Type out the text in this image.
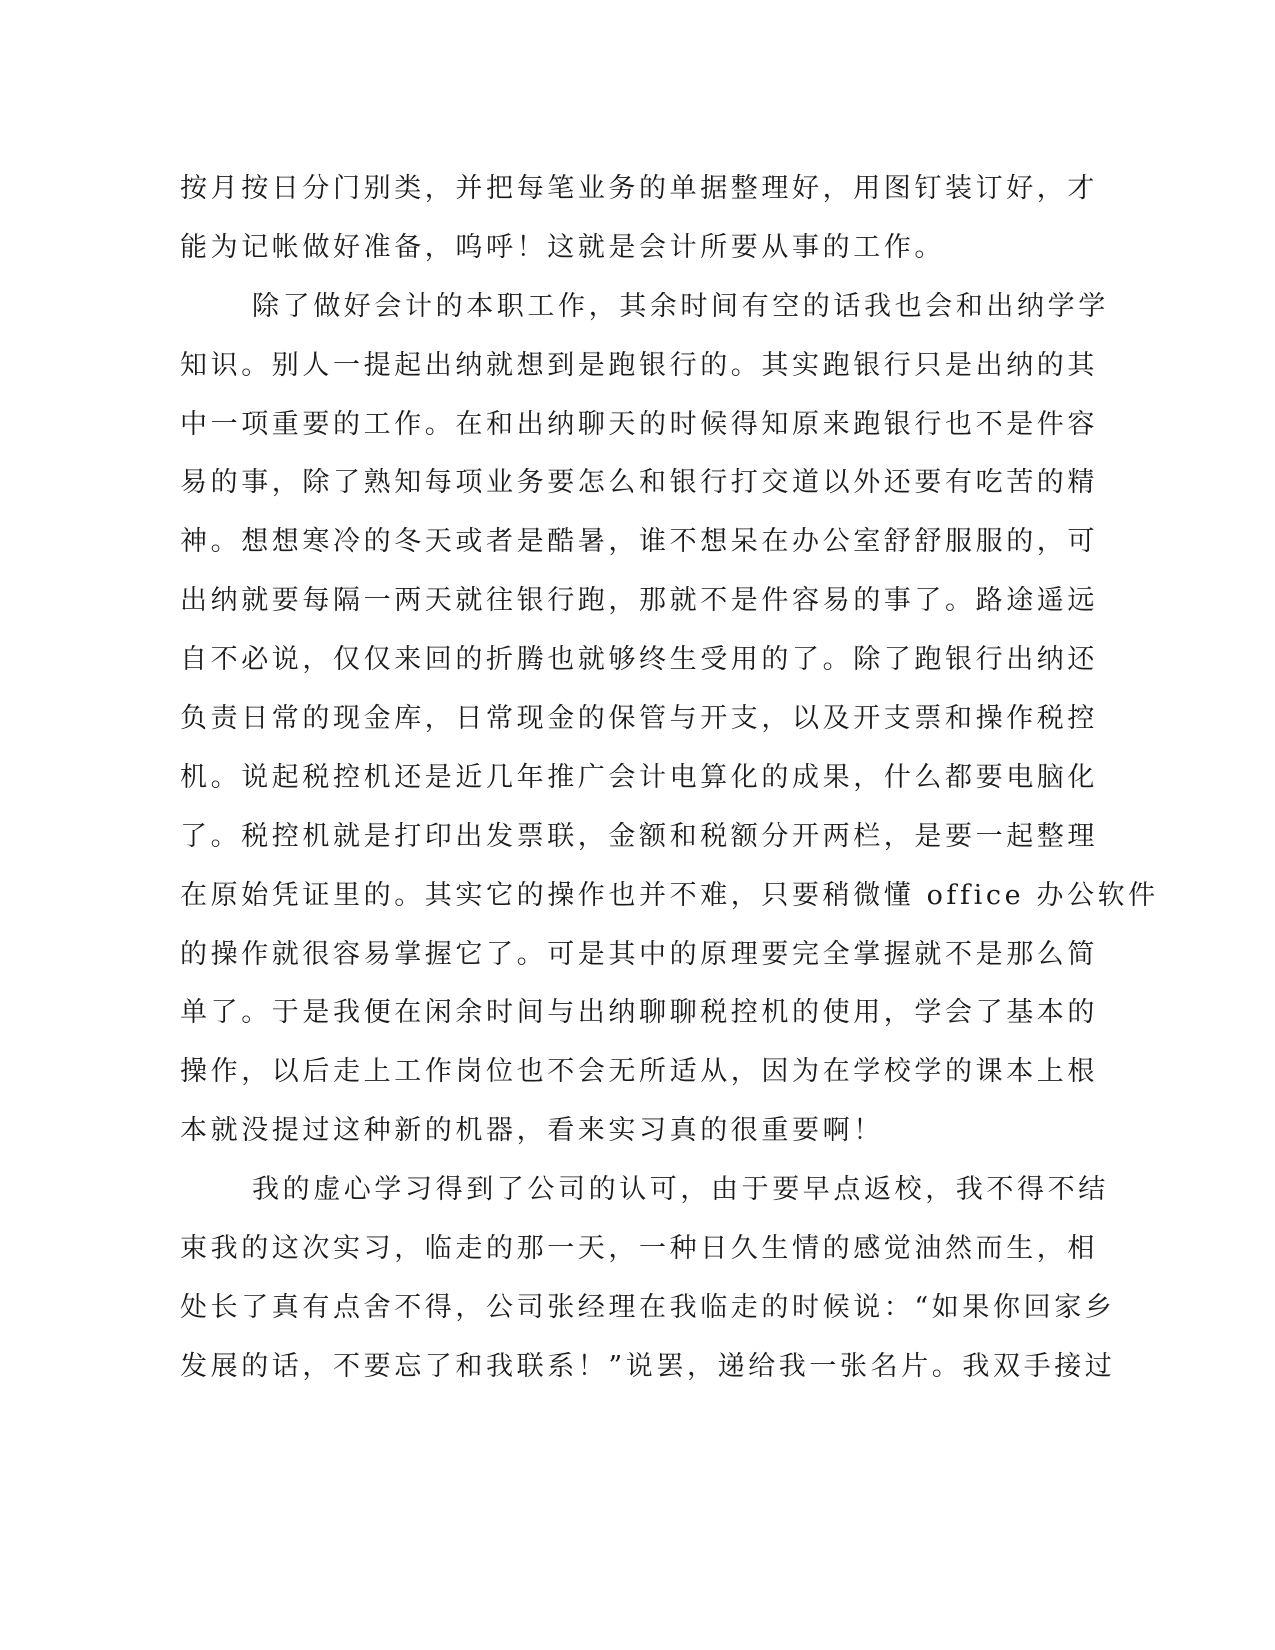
按月按日分门别类，并把每笔业务的单据整理好，用图钉装订好，才
能为记帐做好准备，呜呼！这就是会计所要从事的工作。
除了做好会计的本职工作，其余时间有空的话我也会和出纳学学
知识。别人一提起出纳就想到是跑银行的。其实跑银行只是出纳的其
中一项重要的工作。在和出纳聊天的时候得知原来跑银行也不是件容
易的事，除了熟知每项业务要怎么和银行打交道以外还要有吃苦的精
神。想想寒冷的冬天或者是酷暑，谁不想呆在办公室舒舒服服的，可
出纳就要每隔一两天就往银行跑，那就不是件容易的事了。路途遥远
自不必说，仅仅来回的折腾也就够终生受用的了。除了跑银行出纳还
负责日常的现金库，日常现金的保管与开支，以及开支票和操作税控
机。说起税控机还是近几年推广会计电算化的成果，什么都要电脑化
了。税控机就是打印出发票联，金额和税额分开两栏，是要一起整理
在原始凭证里的。其实它的操作也并不难，只要稍微懂 office 办公软件
的操作就很容易掌握它了。可是其中的原理要完全掌握就不是那么简
单了。于是我便在闲余时间与出纳聊聊税控机的使用，学会了基本的
操作，以后走上工作岗位也不会无所适从，因为在学校学的课本上根
本就没提过这种新的机器，看来实习真的很重要啊！
我的虚心学习得到了公司的认可，由于要早点返校，我不得不结
束我的这次实习，临走的那一天，一种日久生情的感觉油然而生，相
处长了真有点舍不得，公司张经理在我临走的时候说：“如果你回家乡
发展的话，不要忘了和我联系！”说罢，递给我一张名片。我双手接过
